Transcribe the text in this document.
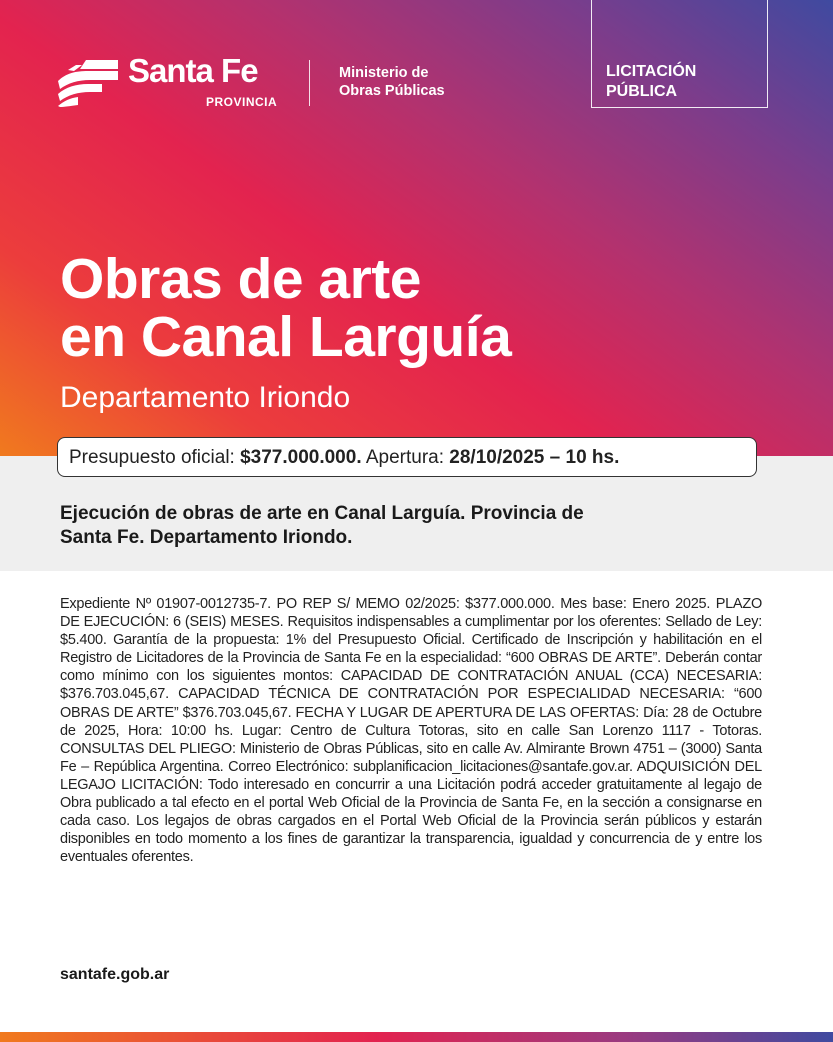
Santa Fe
PROVINCIA
Ministerio de
Obras Públicas
LICITACIÓN
PÚBLICA
Obras de arte
en Canal Larguía
Departamento Iriondo
Presupuesto oficial: $377.000.000. Apertura: 28/10/2025 – 10 hs.
Ejecución de obras de arte en Canal Larguía. Provincia de
Santa Fe. Departamento Iriondo.
Expediente Nº 01907-0012735-7. PO REP S/ MEMO 02/2025: $377.000.000. Mes base: Enero 2025. PLAZO DE EJECUCIÓN: 6 (SEIS) MESES. Requisitos indispensables a cumplimentar por los oferentes: Sellado de Ley: $5.400. Garantía de la propuesta: 1% del Presupuesto Oficial. Certificado de Inscripción y habilitación en el Registro de Licitadores de la Provincia de Santa Fe en la especialidad: “600 OBRAS DE ARTE”. Deberán contar como mínimo con los siguientes montos: CAPACIDAD DE CONTRATACIÓN ANUAL (CCA) NECESARIA: $376.703.045,67. CAPACIDAD TÉCNICA DE CONTRATACIÓN POR ESPECIALIDAD NECESARIA: “600 OBRAS DE ARTE” $376.703.045,67. FECHA Y LUGAR DE APERTURA DE LAS OFERTAS: Día: 28 de Octubre de 2025, Hora: 10:00 hs. Lugar: Centro de Cultura Totoras, sito en calle San Lorenzo 1117 - Totoras. CONSULTAS DEL PLIEGO: Ministerio de Obras Públicas, sito en calle Av. Almirante Brown 4751 – (3000) Santa Fe – República Argentina. Correo Electrónico: subplanificacion_licitaciones@santafe.gov.ar. ADQUISICIÓN DEL LEGAJO LICITACIÓN: Todo interesado en concurrir a una Licitación podrá acceder gratuitamente al legajo de Obra publicado a tal efecto en el portal Web Oficial de la Provincia de Santa Fe, en la sección a consignarse en cada caso. Los legajos de obras cargados en el Portal Web Oficial de la Provincia serán públicos y estarán disponibles en todo momento a los fines de garantizar la transparencia, igualdad y concurrencia de y entre los eventuales oferentes.
santafe.gob.ar
